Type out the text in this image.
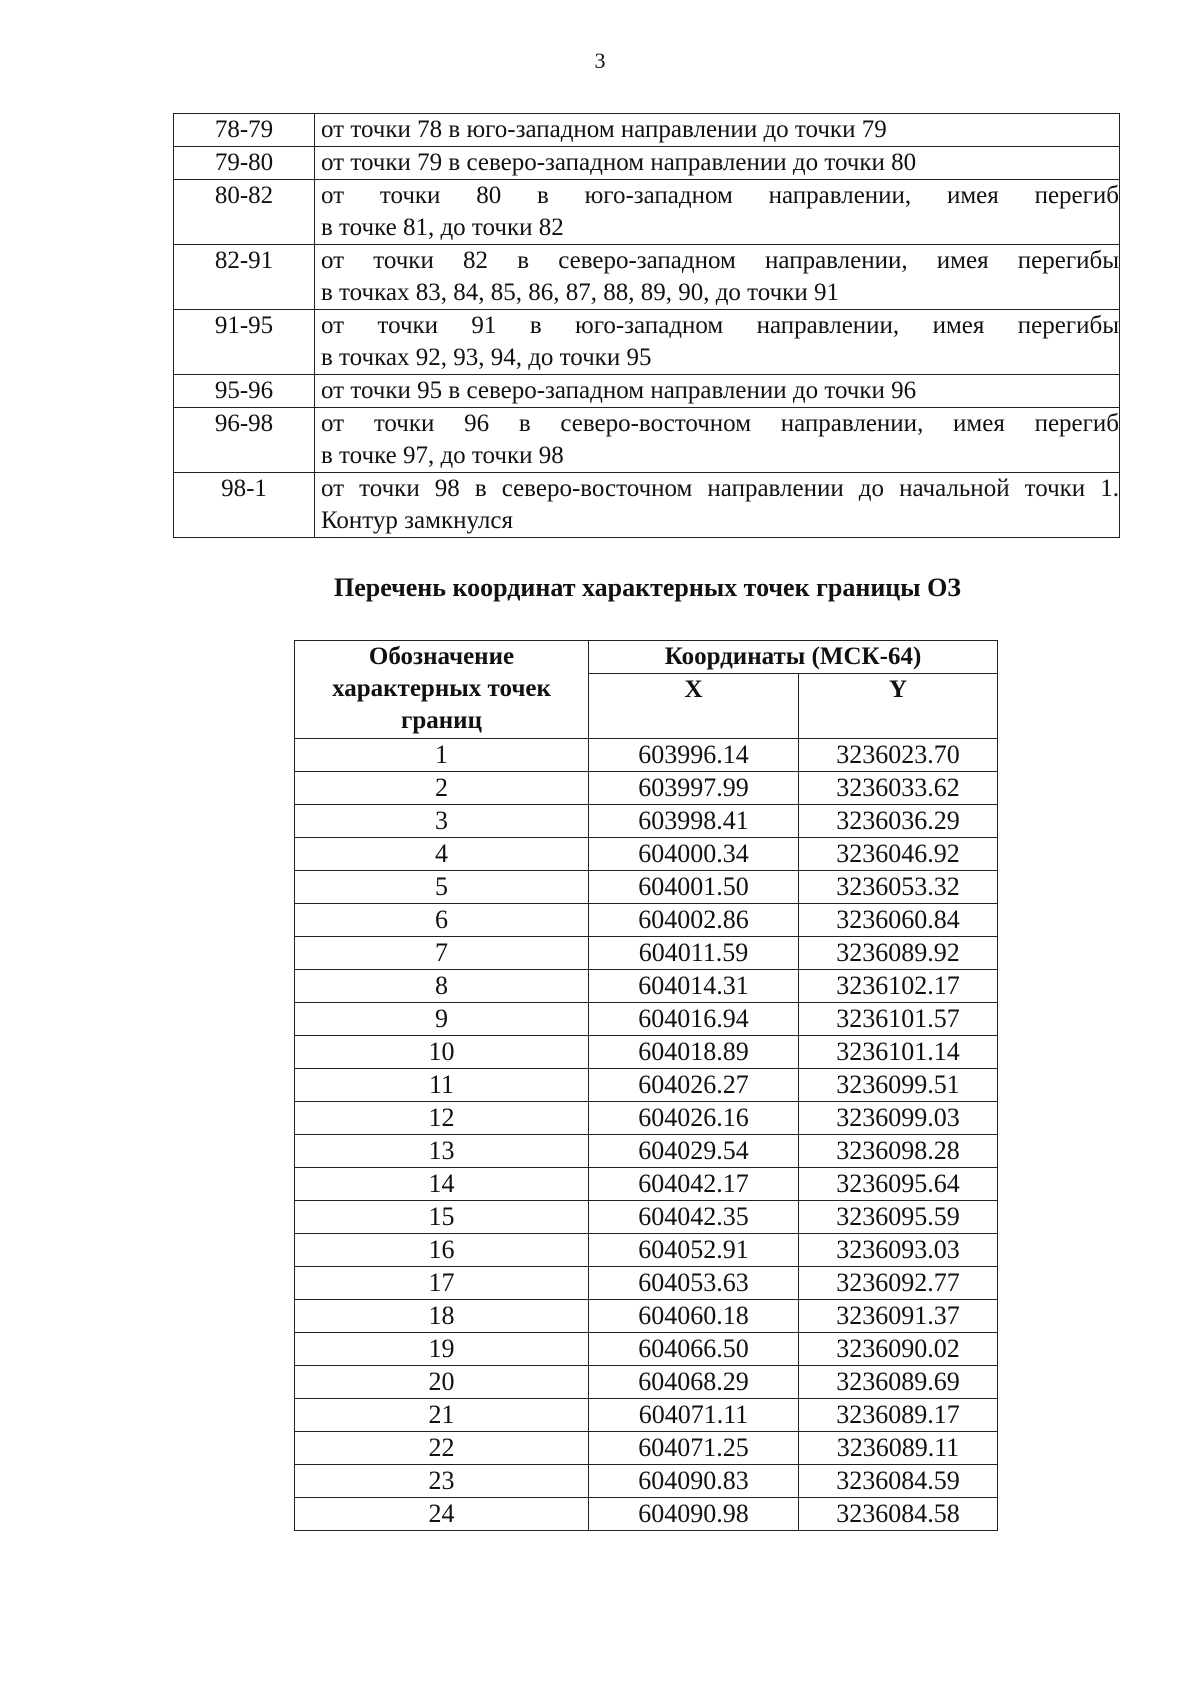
3
78-79	от точки 78 в юго-западном направлении до точки 79

79-80	от точки 79 в северо-западном направлении до точки 80

80-82	от точки 80 в юго-западном направлении, имея перегиб
в точке 81, до точки 82

82-91	от точки 82 в северо-западном направлении, имея перегибы
в точках 83, 84, 85, 86, 87, 88, 89, 90, до точки 91

91-95	от точки 91 в юго-западном направлении, имея перегибы
в точках 92, 93, 94, до точки 95

95-96	от точки 95 в северо-западном направлении до точки 96

96-98	от точки 96 в северо-восточном направлении, имея перегиб
в точке 97, до точки 98

98-1	от точки 98 в северо-восточном направлении до начальной точки 1.
Контур замкнулся
Перечень координат характерных точек границы ОЗ
Обозначение характерных точек границ	Координаты (МСК-64)	
	X	Y
1	603996.14	3236023.70
2	603997.99	3236033.62
3	603998.41	3236036.29
4	604000.34	3236046.92
5	604001.50	3236053.32
6	604002.86	3236060.84
7	604011.59	3236089.92
8	604014.31	3236102.17
9	604016.94	3236101.57
10	604018.89	3236101.14
11	604026.27	3236099.51
12	604026.16	3236099.03
13	604029.54	3236098.28
14	604042.17	3236095.64
15	604042.35	3236095.59
16	604052.91	3236093.03
17	604053.63	3236092.77
18	604060.18	3236091.37
19	604066.50	3236090.02
20	604068.29	3236089.69
21	604071.11	3236089.17
22	604071.25	3236089.11
23	604090.83	3236084.59
24	604090.98	3236084.58
